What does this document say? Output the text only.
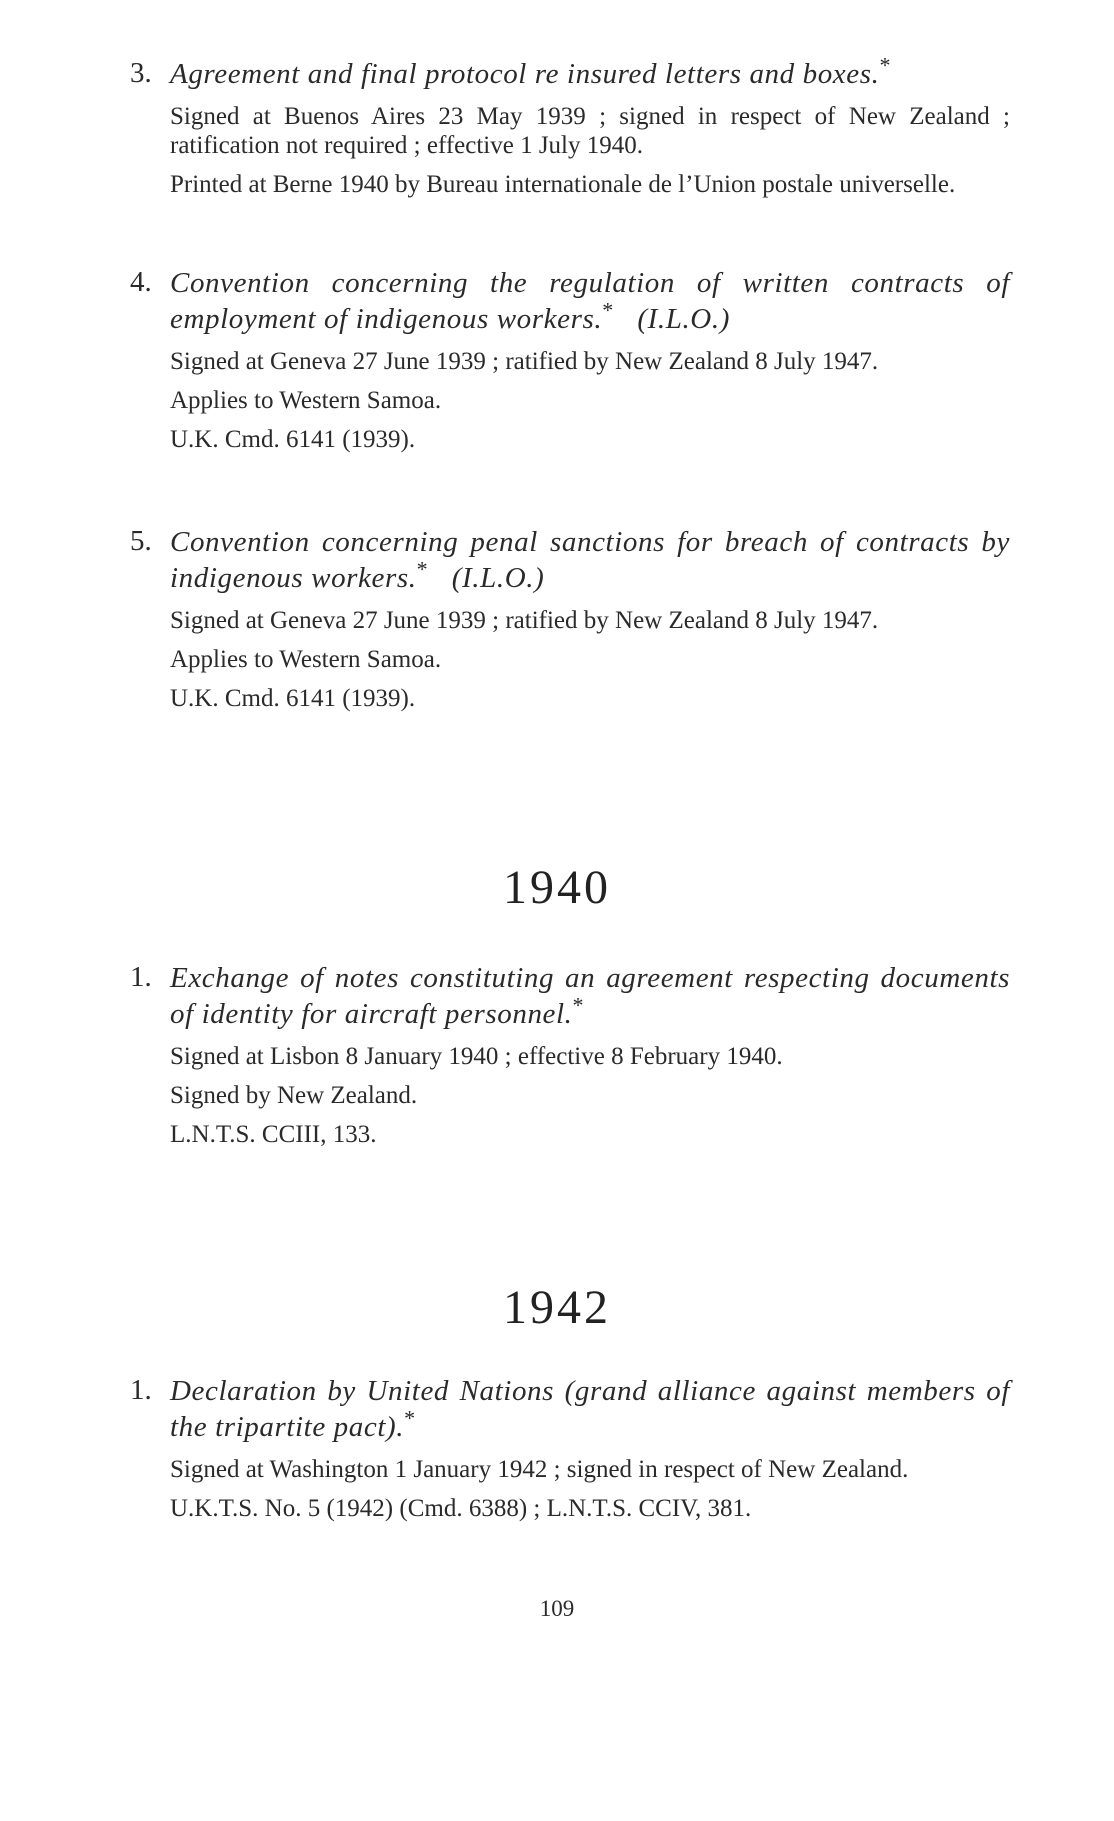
3. Agreement and final protocol re insured letters and boxes.*
Signed at Buenos Aires 23 May 1939 ; signed in respect of New Zealand ; ratification not required ; effective 1 July 1940.
Printed at Berne 1940 by Bureau internationale de l’Union postale universelle.
4. Convention concerning the regulation of written contracts of employment of indigenous workers.* (I.L.O.)
Signed at Geneva 27 June 1939 ; ratified by New Zealand 8 July 1947.
Applies to Western Samoa.
U.K. Cmd. 6141 (1939).
5. Convention concerning penal sanctions for breach of contracts by indigenous workers.* (I.L.O.)
Signed at Geneva 27 June 1939 ; ratified by New Zealand 8 July 1947.
Applies to Western Samoa.
U.K. Cmd. 6141 (1939).
1940
1. Exchange of notes constituting an agreement respecting documents of identity for aircraft personnel.*
Signed at Lisbon 8 January 1940 ; effective 8 February 1940.
Signed by New Zealand.
L.N.T.S. CCIII, 133.
1942
1. Declaration by United Nations (grand alliance against members of the tripartite pact).*
Signed at Washington 1 January 1942 ; signed in respect of New Zealand.
U.K.T.S. No. 5 (1942) (Cmd. 6388) ; L.N.T.S. CCIV, 381.
109
